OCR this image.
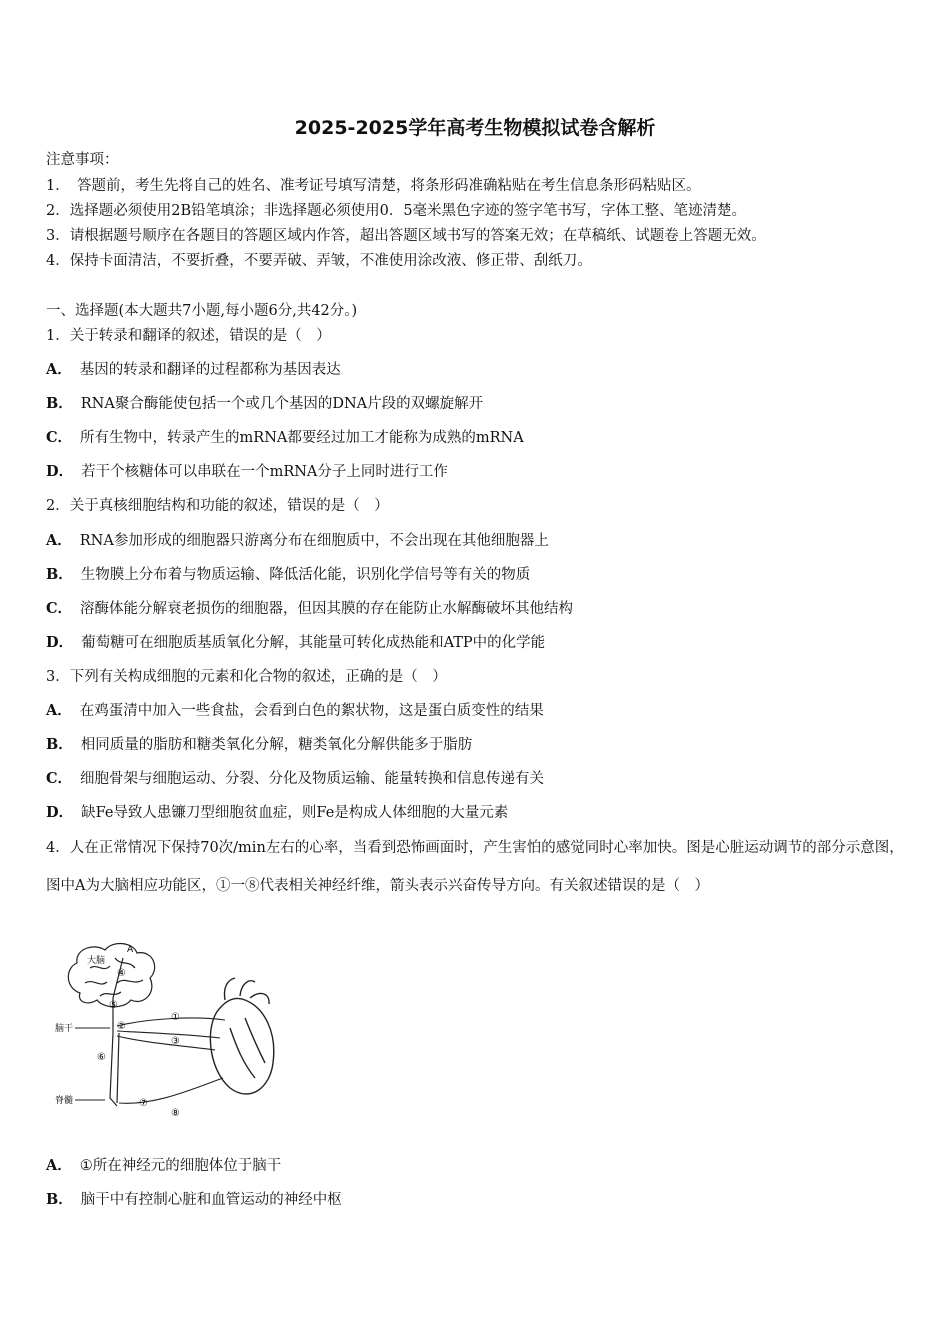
2025-2025学年高考生物模拟试卷含解析
注意事项：
1．　答题前，考生先将自己的姓名、准考证号填写清楚，将条形码准确粘贴在考生信息条形码粘贴区。
2．选择题必须使用2B铅笔填涂；非选择题必须使用0．5毫米黑色字迹的签字笔书写，字体工整、笔迹清楚。
3．请根据题号顺序在各题目的答题区域内作答，超出答题区域书写的答案无效；在草稿纸、试题卷上答题无效。
4．保持卡面清洁，不要折叠，不要弄破、弄皱，不准使用涂改液、修正带、刮纸刀。
一、选择题(本大题共7小题,每小题6分,共42分。)
1．关于转录和翻译的叙述，错误的是（　）
A． 基因的转录和翻译的过程都称为基因表达
B． RNA聚合酶能使包括一个或几个基因的DNA片段的双螺旋解开
C． 所有生物中，转录产生的mRNA都要经过加工才能称为成熟的mRNA
D． 若干个核糖体可以串联在一个mRNA分子上同时进行工作
2．关于真核细胞结构和功能的叙述，错误的是（　）
A． RNA参加形成的细胞器只游离分布在细胞质中，不会出现在其他细胞器上
B． 生物膜上分布着与物质运输、降低活化能，识别化学信号等有关的物质
C． 溶酶体能分解衰老损伤的细胞器，但因其膜的存在能防止水解酶破坏其他结构
D． 葡萄糖可在细胞质基质氧化分解，其能量可转化成热能和ATP中的化学能
3．下列有关构成细胞的元素和化合物的叙述，正确的是（　）
A． 在鸡蛋清中加入一些食盐，会看到白色的絮状物，这是蛋白质变性的结果
B． 相同质量的脂肪和糖类氧化分解，糖类氧化分解供能多于脂肪
C． 细胞骨架与细胞运动、分裂、分化及物质运输、能量转换和信息传递有关
D． 缺Fe导致人患镰刀型细胞贫血症，则Fe是构成人体细胞的大量元素
4．人在正常情况下保持70次/min左右的心率，当看到恐怖画面时，产生害怕的感觉同时心率加快。图是心脏运动调节的部分示意图，图中A为大脑相应功能区，①一⑧代表相关神经纤维，箭头表示兴奋传导方向。有关叙述错误的是（　）
大脑
A
脑干
脊髓
①
②
③
④
⑤
⑥
⑦
⑧
A． ①所在神经元的细胞体位于脑干
B． 脑干中有控制心脏和血管运动的神经中枢
